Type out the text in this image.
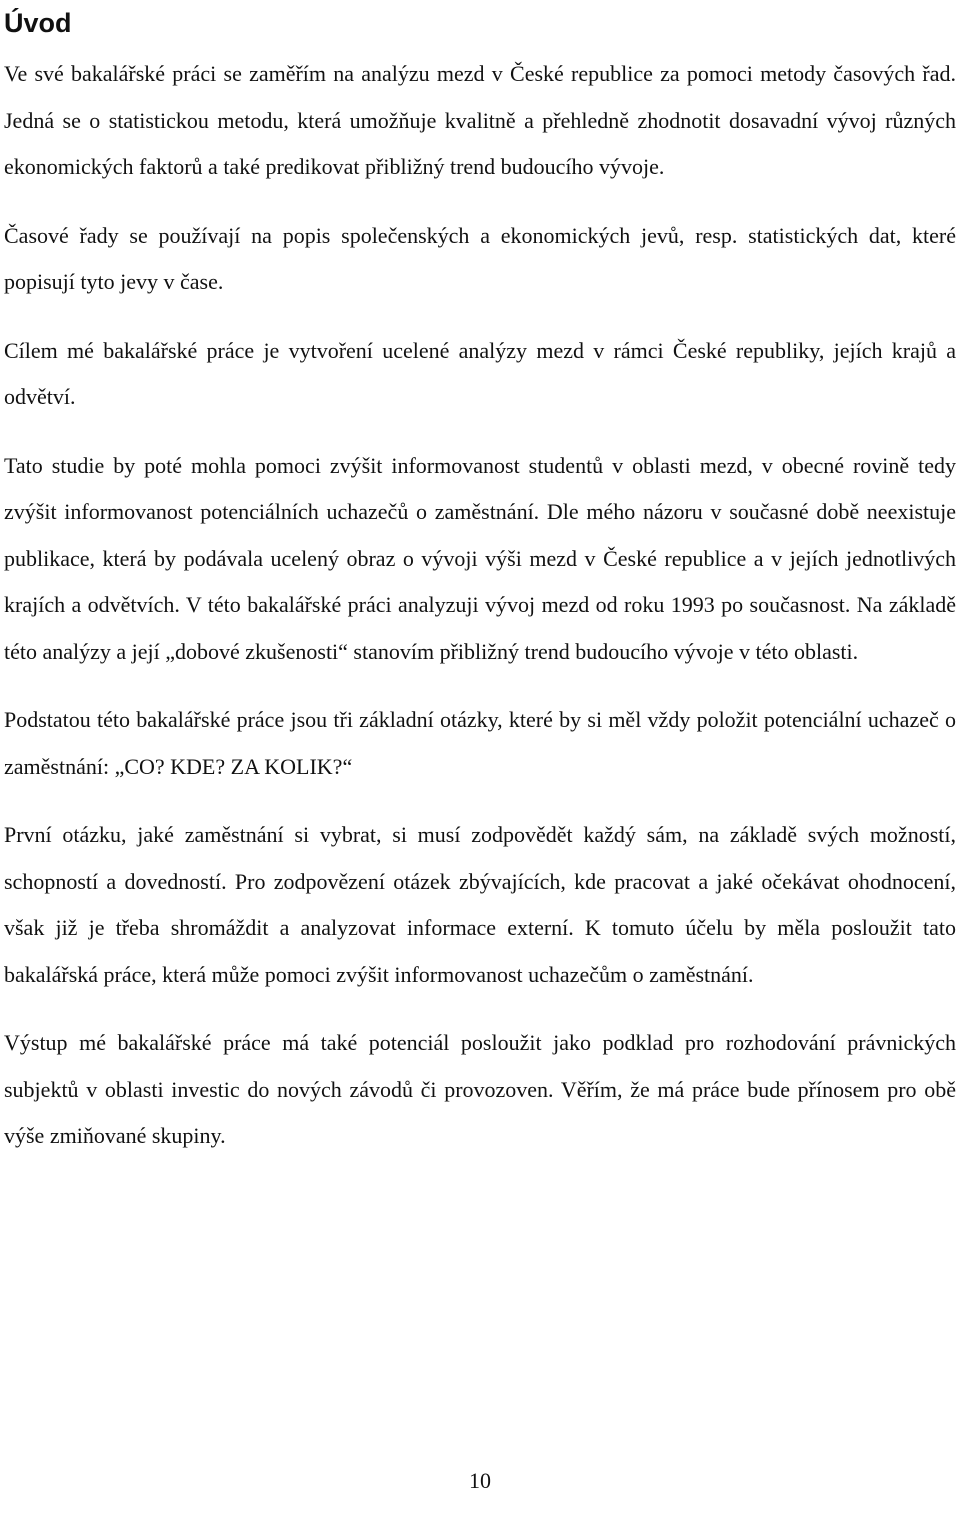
Úvod

Ve své bakalářské práci se zaměřím na analýzu mezd v České republice za pomoci metody časových řad. Jedná se o statistickou metodu, která umožňuje kvalitně a přehledně zhodnotit dosavadní vývoj různých ekonomických faktorů a také predikovat přibližný trend budoucího vývoje.

Časové řady se používají na popis společenských a ekonomických jevů, resp. statistických dat, které popisují tyto jevy v čase.

Cílem mé bakalářské práce je vytvoření ucelené analýzy mezd v rámci České republiky, jejích krajů a odvětví.

Tato studie by poté mohla pomoci zvýšit informovanost studentů v oblasti mezd, v obecné rovině tedy zvýšit informovanost potenciálních uchazečů o zaměstnání. Dle mého názoru v současné době neexistuje publikace, která by podávala ucelený obraz o vývoji výši mezd v České republice a v jejích jednotlivých krajích a odvětvích. V této bakalářské práci analyzuji vývoj mezd od roku 1993 po současnost. Na základě této analýzy a její „dobové zkušenosti“ stanovím přibližný trend budoucího vývoje v této oblasti.

Podstatou této bakalářské práce jsou tři základní otázky, které by si měl vždy položit potenciální uchazeč o zaměstnání: „CO? KDE? ZA KOLIK?“

První otázku, jaké zaměstnání si vybrat, si musí zodpovědět každý sám, na základě svých možností, schopností a dovedností. Pro zodpovězení otázek zbývajících, kde pracovat a jaké očekávat ohodnocení, však již je třeba shromáždit a analyzovat informace externí. K tomuto účelu by měla posloužit tato bakalářská práce, která může pomoci zvýšit informovanost uchazečům o zaměstnání.

Výstup mé bakalářské práce má také potenciál posloužit jako podklad pro rozhodování právnických subjektů v oblasti investic do nových závodů či provozoven. Věřím, že má práce bude přínosem pro obě výše zmiňované skupiny.

10
